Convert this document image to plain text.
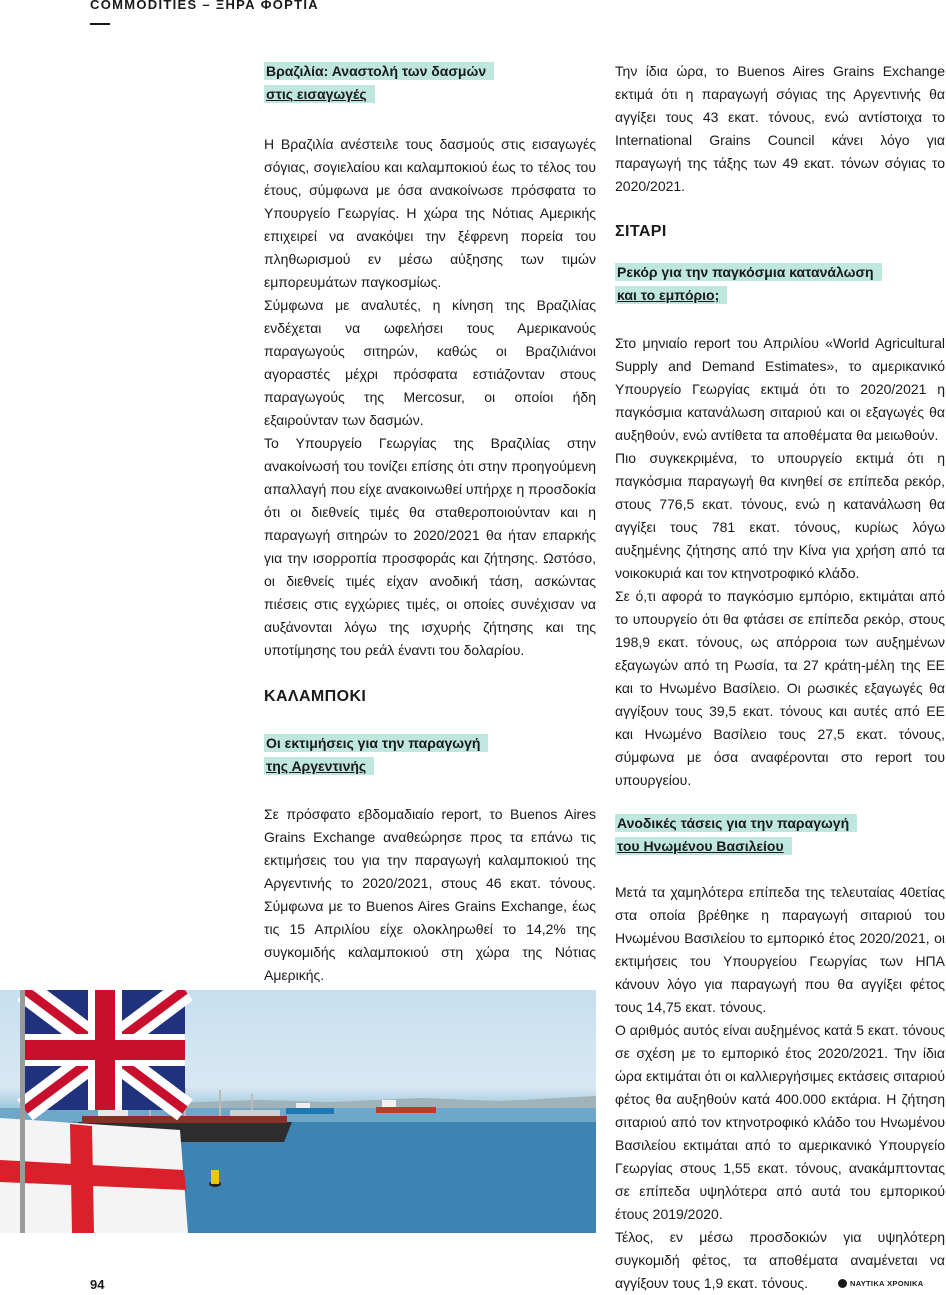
COMMODITIES – ΞΗΡΑ ΦΟΡΤΙΑ
Βραζιλία: Αναστολή των δασμών
στις εισαγωγές

Η Βραζιλία ανέστειλε τους δασμούς στις εισαγωγές σόγιας, σογιελαίου και καλαμποκιού έως το τέλος του έτους, σύμφωνα με όσα ανακοίνωσε πρόσφατα το Υπουργείο Γεωργίας. Η χώρα της Νότιας Αμερικής επιχειρεί να ανακόψει την ξέφρενη πορεία του πληθωρισμού εν μέσω αύξησης των τιμών εμπορευμάτων παγκοσμίως.

Σύμφωνα με αναλυτές, η κίνηση της Βραζιλίας ενδέχεται να ωφελήσει τους Αμερικανούς παραγωγούς σιτηρών, καθώς οι Βραζιλιάνοι αγοραστές μέχρι πρόσφατα εστιάζονταν στους παραγωγούς της Mercosur, οι οποίοι ήδη εξαιρούνταν των δασμών.

Το Υπουργείο Γεωργίας της Βραζιλίας στην ανακοίνωσή του τονίζει επίσης ότι στην προηγούμενη απαλλαγή που είχε ανακοινωθεί υπήρχε η προσδοκία ότι οι διεθνείς τιμές θα σταθεροποιούνταν και η παραγωγή σιτηρών το 2020/2021 θα ήταν επαρκής για την ισορροπία προσφοράς και ζήτησης. Ωστόσο, οι διεθνείς τιμές είχαν ανοδική τάση, ασκώντας πιέσεις στις εγχώριες τιμές, οι οποίες συνέχισαν να αυξάνονται λόγω της ισχυρής ζήτησης και της υποτίμησης του ρεάλ έναντι του δολαρίου.

ΚΑΛΑΜΠΟΚΙ

Οι εκτιμήσεις για την παραγωγή
της Αργεντινής

Σε πρόσφατο εβδομαδιαίο report, το Buenos Aires Grains Exchange αναθεώρησε προς τα επάνω τις εκτιμήσεις του για την παραγωγή καλαμποκιού της Αργεντινής το 2020/2021, στους 46 εκατ. τόνους. Σύμφωνα με το Buenos Aires Grains Exchange, έως τις 15 Απριλίου είχε ολοκληρωθεί το 14,2% της συγκομιδής καλαμποκιού στη χώρα της Νότιας Αμερικής.

Την ίδια ώρα, το Buenos Aires Grains Exchange εκτιμά ότι η παραγωγή σόγιας της Αργεντινής θα αγγίξει τους 43 εκατ. τόνους, ενώ αντίστοιχα το International Grains Council κάνει λόγο για παραγωγή της τάξης των 49 εκατ. τόνων σόγιας το 2020/2021.

ΣΙΤΑΡΙ

Ρεκόρ για την παγκόσμια κατανάλωση
και το εμπόριο;

Στο μηνιαίο report του Απριλίου «World Agricultural Supply and Demand Estimates», το αμερικανικό Υπουργείο Γεωργίας εκτιμά ότι το 2020/2021 η παγκόσμια κατανάλωση σιταριού και οι εξαγωγές θα αυξηθούν, ενώ αντίθετα τα αποθέματα θα μειωθούν.

Πιο συγκεκριμένα, το υπουργείο εκτιμά ότι η παγκόσμια παραγωγή θα κινηθεί σε επίπεδα ρεκόρ, στους 776,5 εκατ. τόνους, ενώ η κατανάλωση θα αγγίξει τους 781 εκατ. τόνους, κυρίως λόγω αυξημένης ζήτησης από την Κίνα για χρήση από τα νοικοκυριά και τον κτηνοτροφικό κλάδο.

Σε ό,τι αφορά το παγκόσμιο εμπόριο, εκτιμάται από το υπουργείο ότι θα φτάσει σε επίπεδα ρεκόρ, στους 198,9 εκατ. τόνους, ως απόρροια των αυξημένων εξαγωγών από τη Ρωσία, τα 27 κράτη-μέλη της ΕΕ και το Ηνωμένο Βασίλειο. Οι ρωσικές εξαγωγές θα αγγίξουν τους 39,5 εκατ. τόνους και αυτές από ΕΕ και Ηνωμένο Βασίλειο τους 27,5 εκατ. τόνους, σύμφωνα με όσα αναφέρονται στο report του υπουργείου.

Ανοδικές τάσεις για την παραγωγή
του Ηνωμένου Βασιλείου

Μετά τα χαμηλότερα επίπεδα της τελευταίας 40ετίας στα οποία βρέθηκε η παραγωγή σιταριού του Ηνωμένου Βασιλείου το εμπορικό έτος 2020/2021, οι εκτιμήσεις του Υπουργείου Γεωργίας των ΗΠΑ κάνουν λόγο για παραγωγή που θα αγγίξει φέτος τους 14,75 εκατ. τόνους.

Ο αριθμός αυτός είναι αυξημένος κατά 5 εκατ. τόνους σε σχέση με το εμπορικό έτος 2020/2021. Την ίδια ώρα εκτιμάται ότι οι καλλιεργήσιμες εκτάσεις σιταριού φέτος θα αυξηθούν κατά 400.000 εκτάρια. Η ζήτηση σιταριού από τον κτηνοτροφικό κλάδο του Ηνωμένου Βασιλείου εκτιμάται από το αμερικανικό Υπουργείο Γεωργίας στους 1,55 εκατ. τόνους, ανακάμπτοντας σε επίπεδα υψηλότερα από αυτά του εμπορικού έτους 2019/2020.

Τέλος, εν μέσω προσδοκιών για υψηλότερη συγκομιδή φέτος, τα αποθέματα αναμένεται να αγγίξουν τους 1,9 εκατ. τόνους.

94	ΝΑΥΤΙΚΑ ΧΡΟΝΙΚΑ
